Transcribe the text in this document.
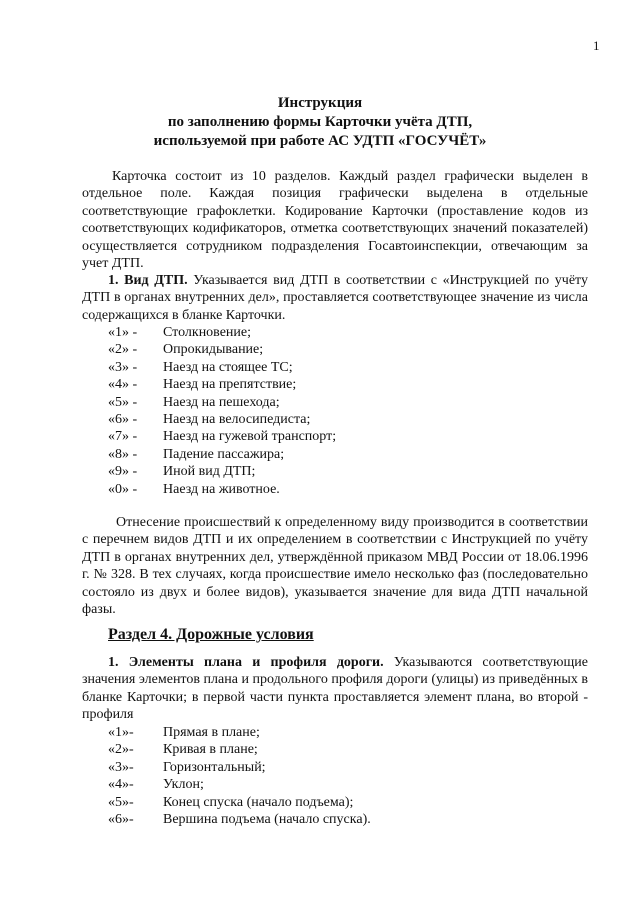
1
Инструкция
по заполнению формы Карточки учёта ДТП,
используемой при работе АС УДТП «ГОСУЧЁТ»
Карточка состоит из 10 разделов. Каждый раздел графически выделен в отдельное поле. Каждая позиция графически выделена в отдельные соответствующие графоклетки. Кодирование Карточки (проставление кодов из соответствующих кодификаторов, отметка соответствующих значений показателей) осуществляется сотрудником подразделения Госавтоинспекции, отвечающим за учет ДТП.
1. Вид ДТП. Указывается вид ДТП в соответствии с «Инструкцией по учёту ДТП в органах внутренних дел», проставляется соответствующее значение из числа содержащихся в бланке Карточки.
«1» - Столкновение;
«2» - Опрокидывание;
«3» - Наезд на стоящее ТС;
«4» - Наезд на препятствие;
«5» - Наезд на пешехода;
«6» - Наезд на велосипедиста;
«7» - Наезд на гужевой транспорт;
«8» - Падение пассажира;
«9» - Иной вид ДТП;
«0» - Наезд на животное.
Отнесение происшествий к определенному виду производится в соответствии с перечнем видов ДТП и их определением в соответствии с Инструкцией по учёту ДТП в органах внутренних дел, утверждённой приказом МВД России от 18.06.1996 г. № 328. В тех случаях, когда происшествие имело несколько фаз (последовательно состояло из двух и более видов), указывается значение для вида ДТП начальной фазы.
Раздел 4. Дорожные условия
1. Элементы плана и профиля дороги. Указываются соответствующие значения элементов плана и продольного профиля дороги (улицы) из приведённых в бланке Карточки; в первой части пункта проставляется элемент плана, во второй - профиля
«1»- Прямая в плане;
«2»- Кривая в плане;
«3»- Горизонтальный;
«4»- Уклон;
«5»- Конец спуска (начало подъема);
«6»- Вершина подъема (начало спуска).
